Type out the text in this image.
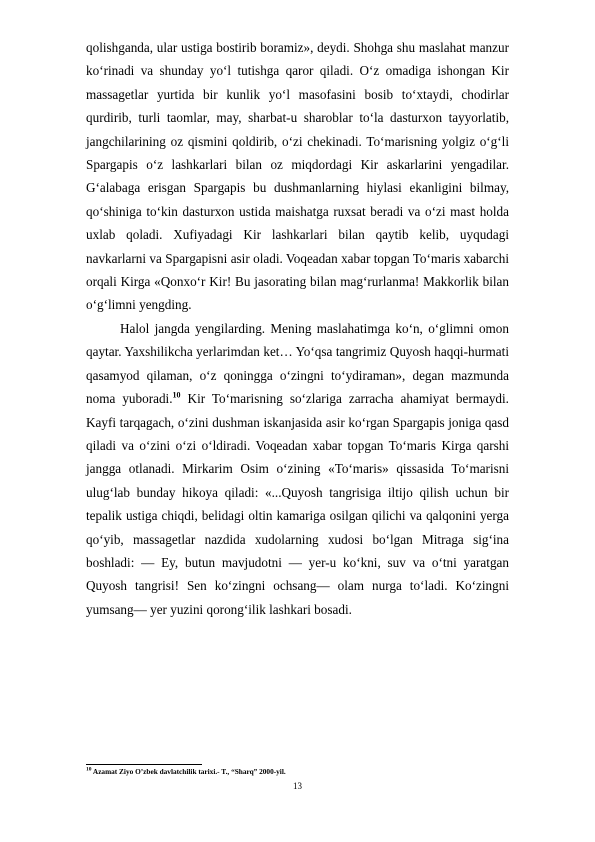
qolishganda, ular ustiga bostirib boramiz», deydi. Shohga shu maslahat manzur ko‘rinadi va shunday yo‘l tutishga qaror qiladi. O‘z omadiga ishongan Kir massagetlar yurtida bir kunlik yo‘l masofasini bosib to‘xtaydi, chodirlar qurdirib, turli taomlar, may, sharbat-u sharoblar to‘la dasturxon tayyorlatib, jangchilarining oz qismini qoldirib, o‘zi chekinadi. To‘marisning yolgiz o‘g‘li Spargapis o‘z lashkarlari bilan oz miqdordagi Kir askarlarini yengadilar. G‘alabaga erisgan Spargapis bu dushmanlarning hiylasi ekanligini bilmay, qo‘shiniga to‘kin dasturxon ustida maishatga ruxsat beradi va o‘zi mast holda uxlab qoladi. Xufiyadagi Kir lashkarlari bilan qaytib kelib, uyqudagi navkarlarni va Spargapisni asir oladi. Voqeadan xabar topgan To‘maris xabarchi orqali Kirga «Qonxo‘r Kir! Bu jasorating bilan mag‘rurlanma! Makkorlik bilan o‘g‘limni yengding.

Halol jangda yengilarding. Mening maslahatimga ko‘n, o‘glimni omon qaytar. Yaxshilikcha yerlarimdan ket… Yo‘qsa tangrimiz Quyosh haqqi-hurmati qasamyod qilaman, o‘z qoningga o‘zingni to‘ydiraman», degan mazmunda noma yuboradi.$^{10}$ Kir To‘marisning so‘zlariga zarracha ahamiyat bermaydi. Kayfi tarqagach, o‘zini dushman iskanjasida asir ko‘rgan Spargapis joniga qasd qiladi va o‘zini o‘zi o‘ldiradi. Voqeadan xabar topgan To‘maris Kirga qarshi jangga otlanadi. Mirkarim Osim o‘zining «To‘maris» qissasida To‘marisni ulug‘lab bunday hikoya qiladi: «...Quyosh tangrisiga iltijo qilish uchun bir tepalik ustiga chiqdi, belidagi oltin kamariga osilgan qilichi va qalqonini yerga qo‘yib, massagetlar nazdida xudolarning xudosi bo‘lgan Mitraga sig‘ina boshladi: — Ey, butun mavjudotni — yer-u ko‘kni, suv va o‘tni yaratgan Quyosh tangrisi! Sen ko‘zingni ochsang— olam nurga to‘ladi. Ko‘zingni yumsang— yer yuzini qorong‘ilik lashkari bosadi.

$^{10}$ Azamat Ziyo O’zbek davlatchilik tarixi.- T., “Sharq” 2000-yil.
13
